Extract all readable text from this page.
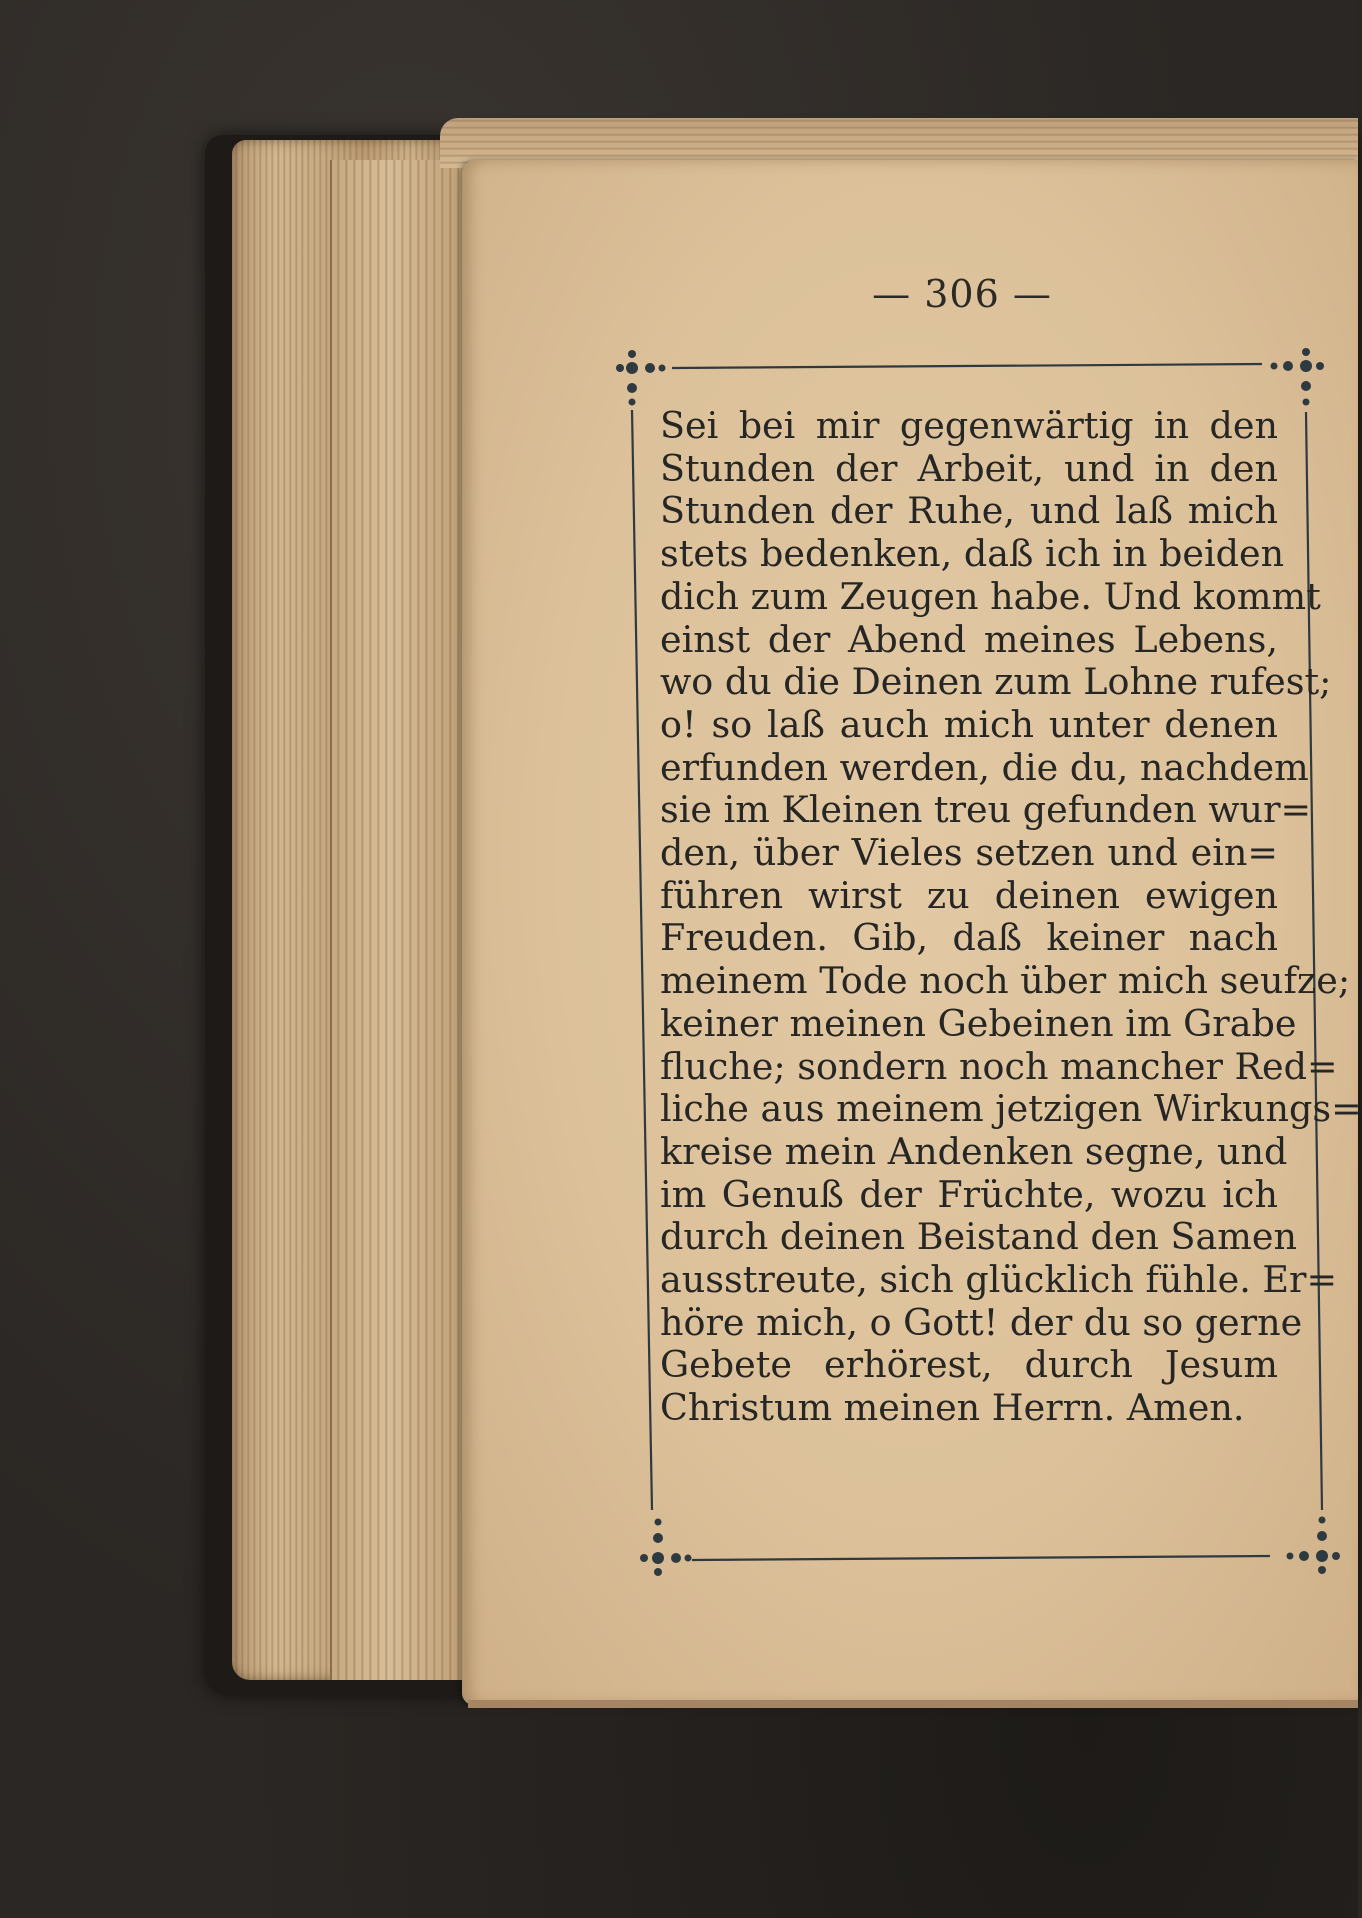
— 306 —
Sei bei mir gegenwärtig in den
Stunden der Arbeit, und in den
Stunden der Ruhe, und laß mich
stets bedenken, daß ich in beiden
dich zum Zeugen habe. Und kommt
einst der Abend meines Lebens,
wo du die Deinen zum Lohne rufest;
o! so laß auch mich unter denen
erfunden werden, die du, nachdem
sie im Kleinen treu gefunden wur=
den, über Vieles setzen und ein=
führen wirst zu deinen ewigen
Freuden. Gib, daß keiner nach
meinem Tode noch über mich seufze;
keiner meinen Gebeinen im Grabe
fluche; sondern noch mancher Red=
liche aus meinem jetzigen Wirkungs=
kreise mein Andenken segne, und
im Genuß der Früchte, wozu ich
durch deinen Beistand den Samen
ausstreute, sich glücklich fühle. Er=
höre mich, o Gott! der du so gerne
Gebete erhörest, durch Jesum
Christum meinen Herrn. Amen.
